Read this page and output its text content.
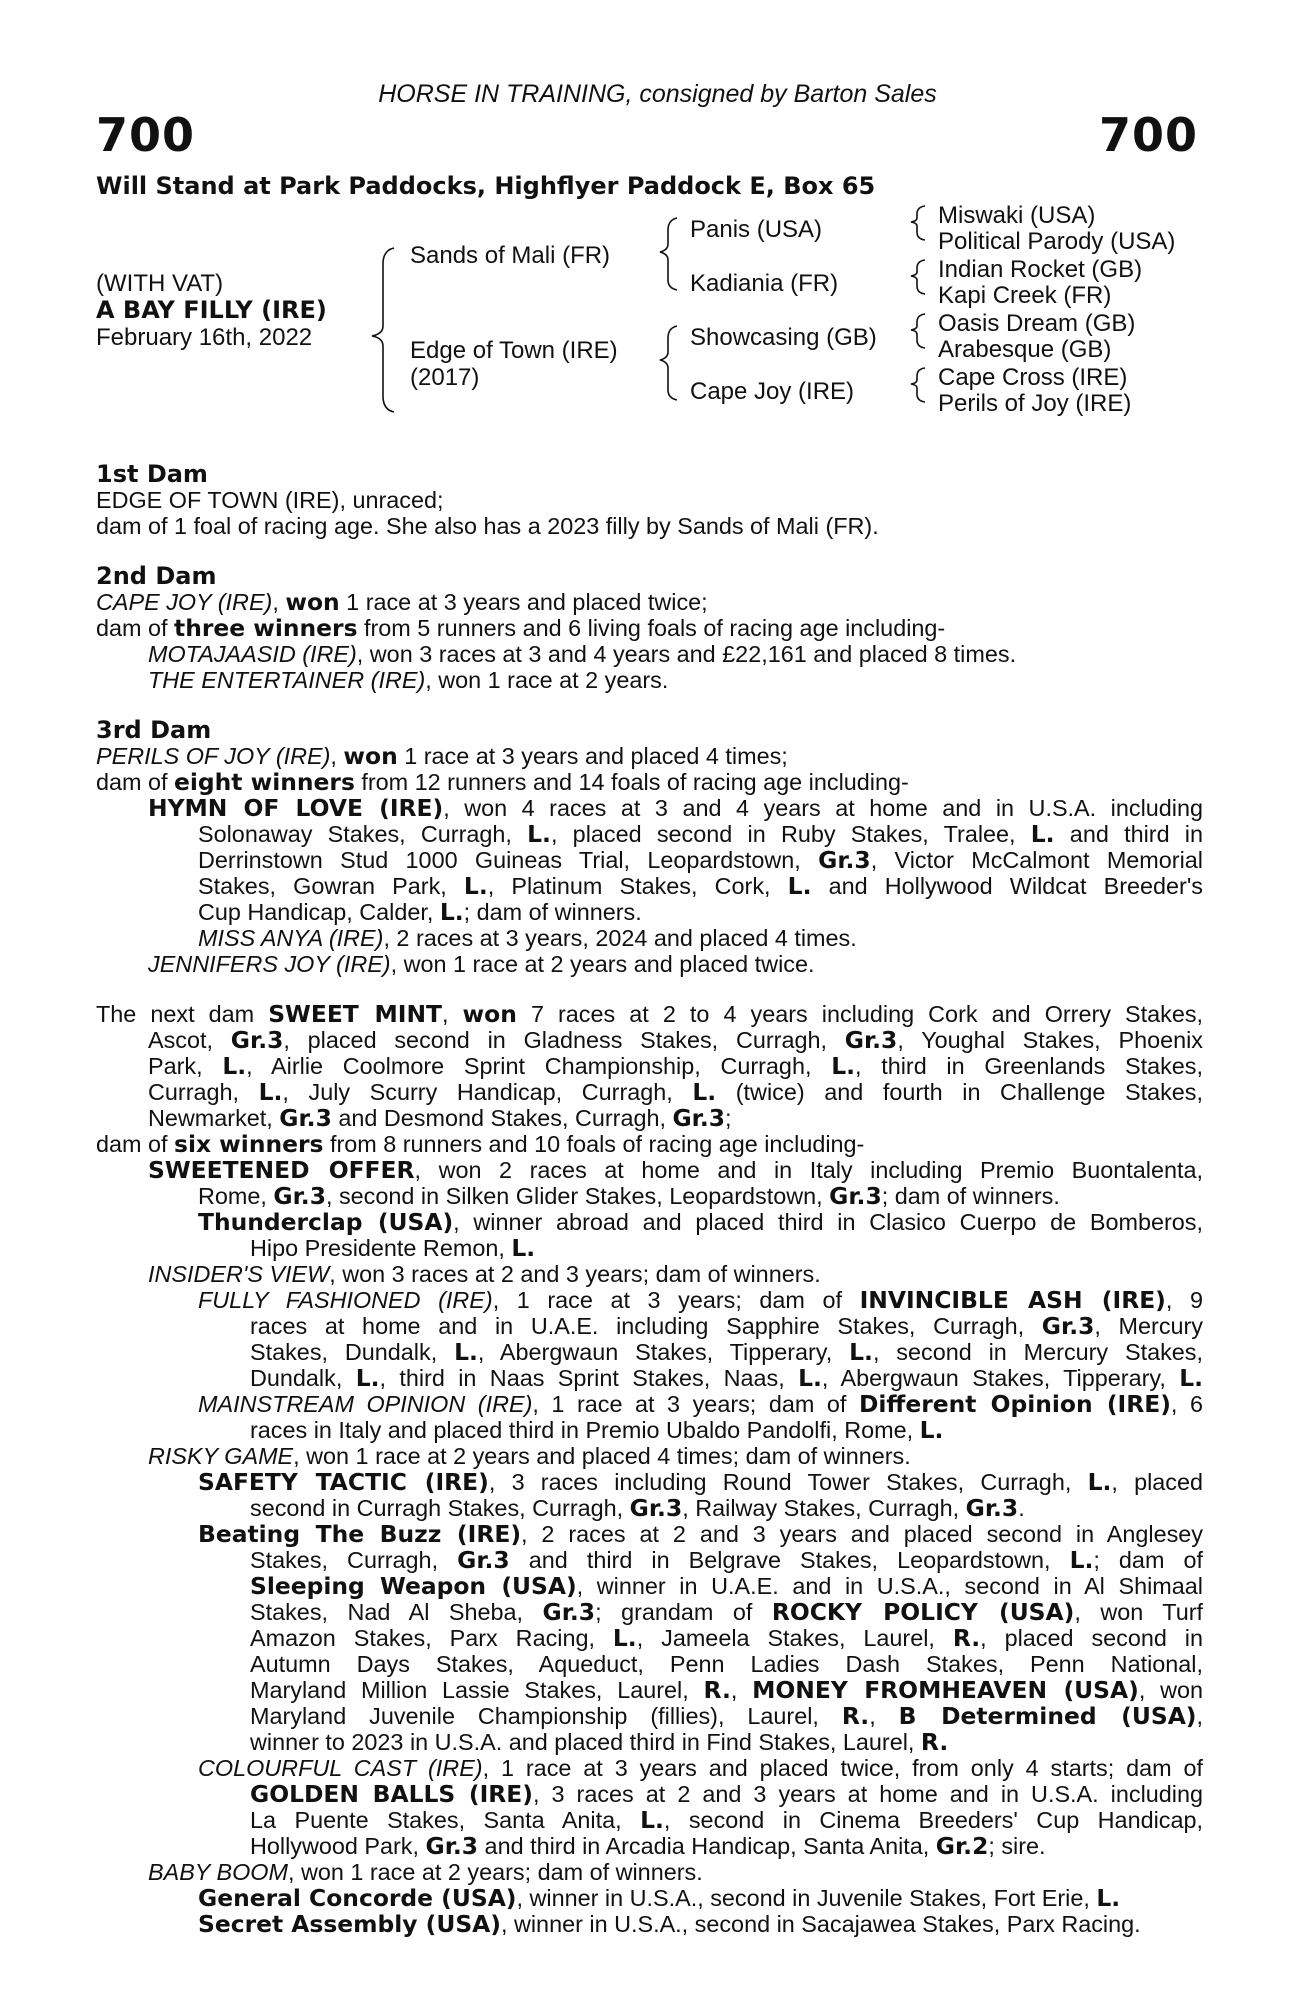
HORSE IN TRAINING, consigned by Barton Sales
700	700
Will Stand at Park Paddocks, Highflyer Paddock E, Box 65
(WITH VAT)
A BAY FILLY (IRE)
February 16th, 2022
Sands of Mali (FR)
Edge of Town (IRE)
(2017)
Panis (USA)
Kadiania (FR)
Showcasing (GB)
Cape Joy (IRE)
Miswaki (USA)
Political Parody (USA)
Indian Rocket (GB)
Kapi Creek (FR)
Oasis Dream (GB)
Arabesque (GB)
Cape Cross (IRE)
Perils of Joy (IRE)
1st Dam
EDGE OF TOWN (IRE), unraced;
dam of 1 foal of racing age. She also has a 2023 filly by Sands of Mali (FR).
2nd Dam
CAPE JOY (IRE), won 1 race at 3 years and placed twice;
dam of three winners from 5 runners and 6 living foals of racing age including-
MOTAJAASID (IRE), won 3 races at 3 and 4 years and £22,161 and placed 8 times.
THE ENTERTAINER (IRE), won 1 race at 2 years.
3rd Dam
PERILS OF JOY (IRE), won 1 race at 3 years and placed 4 times;
dam of eight winners from 12 runners and 14 foals of racing age including-
HYMN OF LOVE (IRE), won 4 races at 3 and 4 years at home and in U.S.A. including
Solonaway Stakes, Curragh, L., placed second in Ruby Stakes, Tralee, L. and third in
Derrinstown Stud 1000 Guineas Trial, Leopardstown, Gr.3, Victor McCalmont Memorial
Stakes, Gowran Park, L., Platinum Stakes, Cork, L. and Hollywood Wildcat Breeder's
Cup Handicap, Calder, L.; dam of winners.
MISS ANYA (IRE), 2 races at 3 years, 2024 and placed 4 times.
JENNIFERS JOY (IRE), won 1 race at 2 years and placed twice.
The next dam SWEET MINT, won 7 races at 2 to 4 years including Cork and Orrery Stakes,
Ascot, Gr.3, placed second in Gladness Stakes, Curragh, Gr.3, Youghal Stakes, Phoenix
Park, L., Airlie Coolmore Sprint Championship, Curragh, L., third in Greenlands Stakes,
Curragh, L., July Scurry Handicap, Curragh, L. (twice) and fourth in Challenge Stakes,
Newmarket, Gr.3 and Desmond Stakes, Curragh, Gr.3;
dam of six winners from 8 runners and 10 foals of racing age including-
SWEETENED OFFER, won 2 races at home and in Italy including Premio Buontalenta,
Rome, Gr.3, second in Silken Glider Stakes, Leopardstown, Gr.3; dam of winners.
Thunderclap (USA), winner abroad and placed third in Clasico Cuerpo de Bomberos,
Hipo Presidente Remon, L.
INSIDER'S VIEW, won 3 races at 2 and 3 years; dam of winners.
FULLY FASHIONED (IRE), 1 race at 3 years; dam of INVINCIBLE ASH (IRE), 9
races at home and in U.A.E. including Sapphire Stakes, Curragh, Gr.3, Mercury
Stakes, Dundalk, L., Abergwaun Stakes, Tipperary, L., second in Mercury Stakes,
Dundalk, L., third in Naas Sprint Stakes, Naas, L., Abergwaun Stakes, Tipperary, L.
MAINSTREAM OPINION (IRE), 1 race at 3 years; dam of Different Opinion (IRE), 6
races in Italy and placed third in Premio Ubaldo Pandolfi, Rome, L.
RISKY GAME, won 1 race at 2 years and placed 4 times; dam of winners.
SAFETY TACTIC (IRE), 3 races including Round Tower Stakes, Curragh, L., placed
second in Curragh Stakes, Curragh, Gr.3, Railway Stakes, Curragh, Gr.3.
Beating The Buzz (IRE), 2 races at 2 and 3 years and placed second in Anglesey
Stakes, Curragh, Gr.3 and third in Belgrave Stakes, Leopardstown, L.; dam of
Sleeping Weapon (USA), winner in U.A.E. and in U.S.A., second in Al Shimaal
Stakes, Nad Al Sheba, Gr.3; grandam of ROCKY POLICY (USA), won Turf
Amazon Stakes, Parx Racing, L., Jameela Stakes, Laurel, R., placed second in
Autumn Days Stakes, Aqueduct, Penn Ladies Dash Stakes, Penn National,
Maryland Million Lassie Stakes, Laurel, R., MONEY FROMHEAVEN (USA), won
Maryland Juvenile Championship (fillies), Laurel, R., B Determined (USA),
winner to 2023 in U.S.A. and placed third in Find Stakes, Laurel, R.
COLOURFUL CAST (IRE), 1 race at 3 years and placed twice, from only 4 starts; dam of
GOLDEN BALLS (IRE), 3 races at 2 and 3 years at home and in U.S.A. including
La Puente Stakes, Santa Anita, L., second in Cinema Breeders' Cup Handicap,
Hollywood Park, Gr.3 and third in Arcadia Handicap, Santa Anita, Gr.2; sire.
BABY BOOM, won 1 race at 2 years; dam of winners.
General Concorde (USA), winner in U.S.A., second in Juvenile Stakes, Fort Erie, L.
Secret Assembly (USA), winner in U.S.A., second in Sacajawea Stakes, Parx Racing.
